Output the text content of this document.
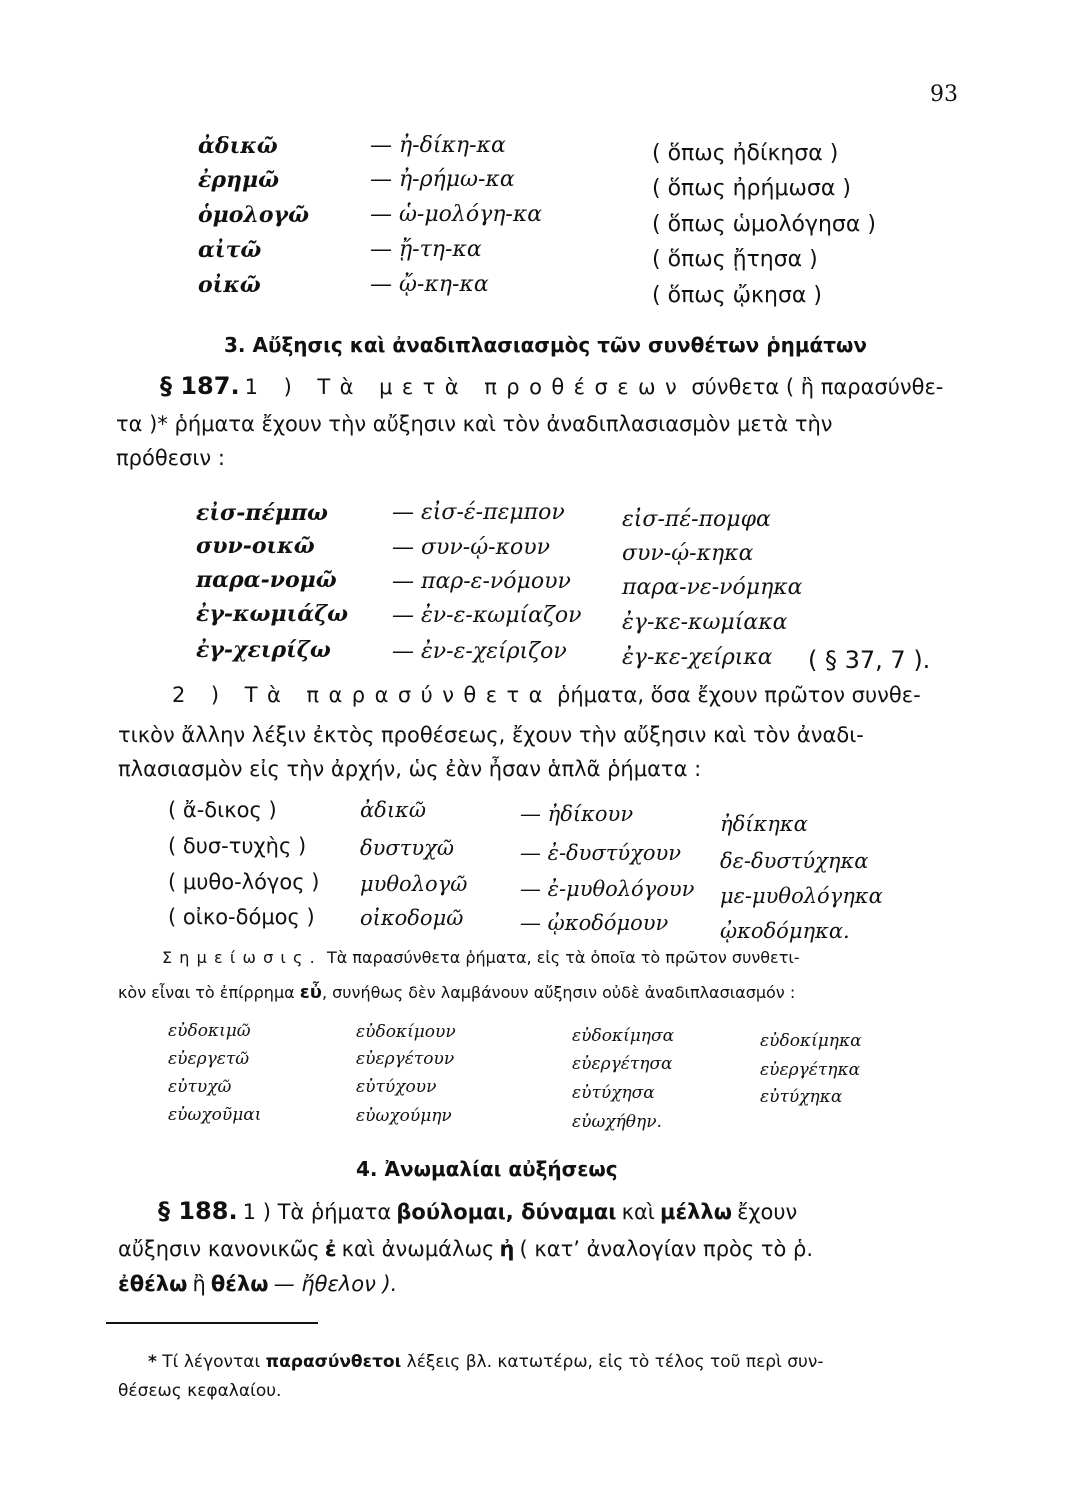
93
ἀδικῶ	— ἠ-δίκη-κα	( ὅπως ἠδίκησα )
ἐρημῶ	— ἠ-ρήμω-κα	( ὅπως ἠρήμωσα )
ὁμολογῶ	— ὡ-μολόγη-κα	( ὅπως ὡμολόγησα )
αἰτῶ	— ᾔ-τη-κα	( ὅπως ᾔτησα )
οἰκῶ	— ᾤ-κη-κα	( ὅπως ᾤκησα )
3. Αὔξησις καὶ ἀναδιπλασιασμὸς τῶν συνθέτων ῥημάτων
§ 187. 1 ) Τὰ μετὰ προθέσεων σύνθετα ( ἢ παρασύνθε-
τα )* ῥήματα ἔχουν τὴν αὔξησιν καὶ τὸν ἀναδιπλασιασμὸν μετὰ τὴν
πρόθεσιν :
εἰσ-πέμπω	— εἰσ-έ-πεμπον	εἰσ-πέ-πομφα
συν-οικῶ	— συν-ῴ-κουν	συν-ῴ-κηκα
παρα-νομῶ	— παρ-ε-νόμουν παρα-νε-νόμηκα
ἐγ-κωμιάζω — ἐν-ε-κωμίαζον ἐγ-κε-κωμίακα
ἐγ-χειρίζω	— ἐν-ε-χείριζον	ἐγ-κε-χείρικα ( § 37, 7 ).
2 ) Τὰ παρασύνθετα ῥήματα, ὅσα ἔχουν πρῶτον συνθε-
τικὸν ἄλλην λέξιν ἐκτὸς προθέσεως, ἔχουν τὴν αὔξησιν καὶ τὸν ἀναδι-
πλασιασμὸν εἰς τὴν ἀρχήν, ὡς ἐὰν ἦσαν ἁπλᾶ ῥήματα :
( ἄ-δικος )	ἀδικῶ	— ἠδίκουν	ἠδίκηκα
( δυσ-τυχὴς )	δυστυχῶ	— ἐ-δυστύχουν δε-δυστύχηκα
( μυθο-λόγος ) μυθολογῶ	— ἐ-μυθολόγουν με-μυθολόγηκα
( οἰκο-δόμος ) οἰκοδομῶ	— ᾠκοδόμουν ᾠκοδόμηκα.
Σημείωσις. Τὰ παρασύνθετα ῥήματα, εἰς τὰ ὁποῖα τὸ πρῶτον συνθετι-
κὸν εἶναι τὸ ἐπίρρημα εὖ, συνήθως δὲν λαμβάνουν αὔξησιν οὐδὲ ἀναδιπλασιασμόν :
εὐδοκιμῶ	εὐδοκίμουν	εὐδοκίμησα	εὐδοκίμηκα
εὐεργετῶ	εὐεργέτουν	εὐεργέτησα	εὐεργέτηκα
εὐτυχῶ	εὐτύχουν	εὐτύχησα	εὐτύχηκα
εὐωχοῦμαι	εὐωχούμην	εὐωχήθην.
4. Ἀνωμαλίαι αὐξήσεως
§ 188. 1 ) Τὰ ῥήματα βούλομαι, δύναμαι καὶ μέλλω ἔχουν
αὔξησιν κανονικῶς ἐ καὶ ἀνωμάλως ἠ ( κατ’ ἀναλογίαν πρὸς τὸ ῥ.
ἐθέλω ἢ θέλω — ἤθελον ).
* Τί λέγονται παρασύνθετοι λέξεις βλ. κατωτέρω, εἰς τὸ τέλος τοῦ περὶ συν-
θέσεως κεφαλαίου.
